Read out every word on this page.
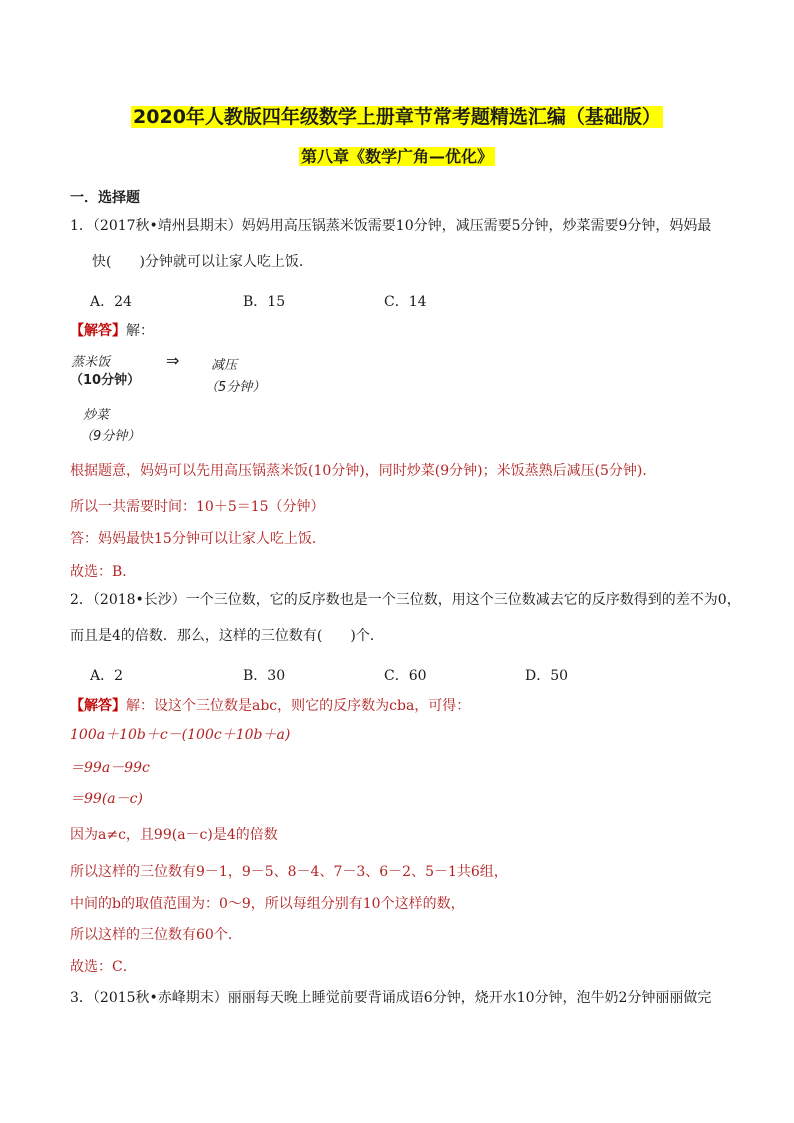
2020年人教版四年级数学上册章节常考题精选汇编（基础版）
第八章《数学广角—优化》
一．选择题
1．（2017秋•靖州县期末）妈妈用高压锅蒸米饭需要10分钟，减压需要5分钟，炒菜需要9分钟，妈妈最
快(　　)分钟就可以让家人吃上饭．
A．24	B．15	C．14
【解答】解：
蒸米饭
（10分钟）
⇒ 减压
（5分钟）
炒菜
（9分钟）
根据题意，妈妈可以先用高压锅蒸米饭(10分钟)，同时炒菜(9分钟)；米饭蒸熟后减压(5分钟)．
所以一共需要时间：10＋5＝15（分钟）
答：妈妈最快15分钟可以让家人吃上饭．
故选：B．
2．（2018•长沙）一个三位数，它的反序数也是一个三位数，用这个三位数减去它的反序数得到的差不为0，
而且是4的倍数．那么，这样的三位数有(　　)个．
A．2	B．30	C．60	D．50
【解答】解：设这个三位数是abc，则它的反序数为cba，可得：
100a＋10b＋c－(100c＋10b＋a)
＝99a－99c
＝99(a－c)
因为a≠c，且99(a－c)是4的倍数
所以这样的三位数有9－1，9－5、8－4、7－3、6－2、5－1共6组，
中间的b的取值范围为：0～9，所以每组分别有10个这样的数，
所以这样的三位数有60个．
故选：C．
3．（2015秋•赤峰期末）丽丽每天晚上睡觉前要背诵成语6分钟，烧开水10分钟，泡牛奶2分钟丽丽做完
